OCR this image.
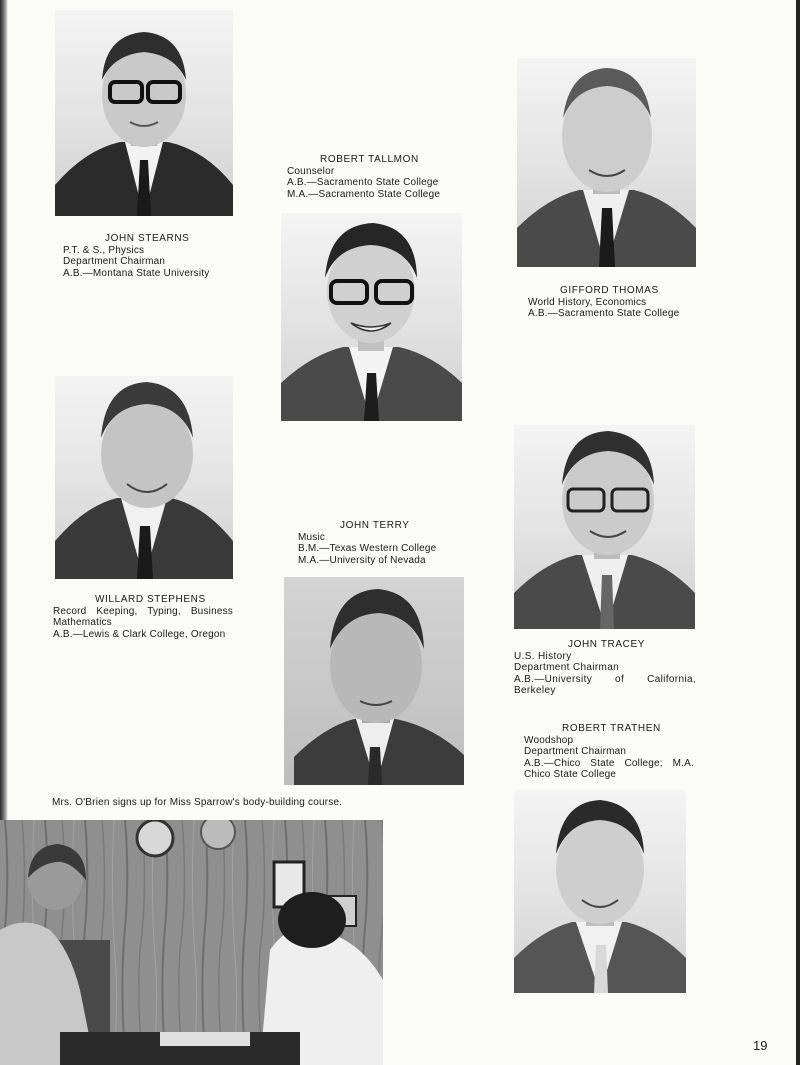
JOHN STEARNS
P.T. & S., Physics
Department Chairman
A.B.—Montana State University
ROBERT TALLMON
Counselor
A.B.—Sacramento State College
M.A.—Sacramento State College
GIFFORD THOMAS
World History, Economics
A.B.—Sacramento State College
WILLARD STEPHENS
Record Keeping, Typing, Business Mathematics
A.B.—Lewis & Clark College, Oregon
JOHN TERRY
Music
B.M.—Texas Western College
M.A.—University of Nevada
JOHN TRACEY
U.S. History
Department Chairman
A.B.—University of California, Berkeley
ROBERT TRATHEN
Woodshop
Department Chairman
A.B.—Chico State College; M.A. Chico State College
Mrs. O'Brien signs up for Miss Sparrow's body-building course.
19
